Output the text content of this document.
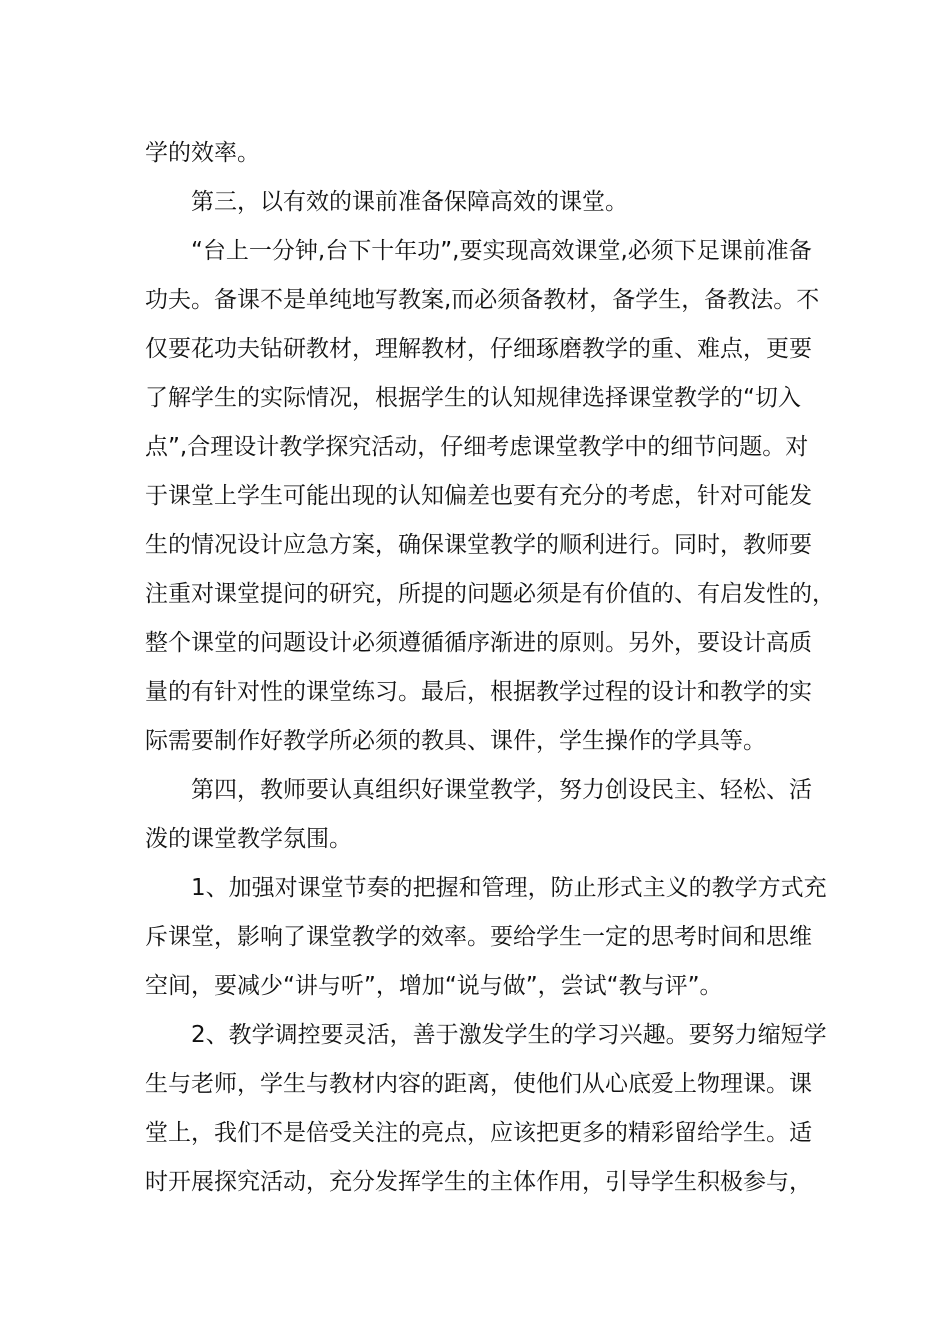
学的效率。
第三，以有效的课前准备保障高效的课堂。
“台上一分钟,台下十年功”,要实现高效课堂,必须下足课前准备
功夫。备课不是单纯地写教案,而必须备教材，备学生，备教法。不
仅要花功夫钻研教材，理解教材，仔细琢磨教学的重、难点，更要
了解学生的实际情况，根据学生的认知规律选择课堂教学的“切入
点”,合理设计教学探究活动，仔细考虑课堂教学中的细节问题。对
于课堂上学生可能出现的认知偏差也要有充分的考虑，针对可能发
生的情况设计应急方案，确保课堂教学的顺利进行。同时，教师要
注重对课堂提问的研究，所提的问题必须是有价值的、有启发性的，
整个课堂的问题设计必须遵循循序渐进的原则。另外，要设计高质
量的有针对性的课堂练习。最后，根据教学过程的设计和教学的实
际需要制作好教学所必须的教具、课件，学生操作的学具等。
第四，教师要认真组织好课堂教学，努力创设民主、轻松、活
泼的课堂教学氛围。
1、加强对课堂节奏的把握和管理，防止形式主义的教学方式充
斥课堂，影响了课堂教学的效率。要给学生一定的思考时间和思维
空间，要减少“讲与听”，增加“说与做”，尝试“教与评”。
2、教学调控要灵活，善于激发学生的学习兴趣。要努力缩短学
生与老师，学生与教材内容的距离，使他们从心底爱上物理课。课
堂上，我们不是倍受关注的亮点，应该把更多的精彩留给学生。适
时开展探究活动，充分发挥学生的主体作用，引导学生积极参与，
